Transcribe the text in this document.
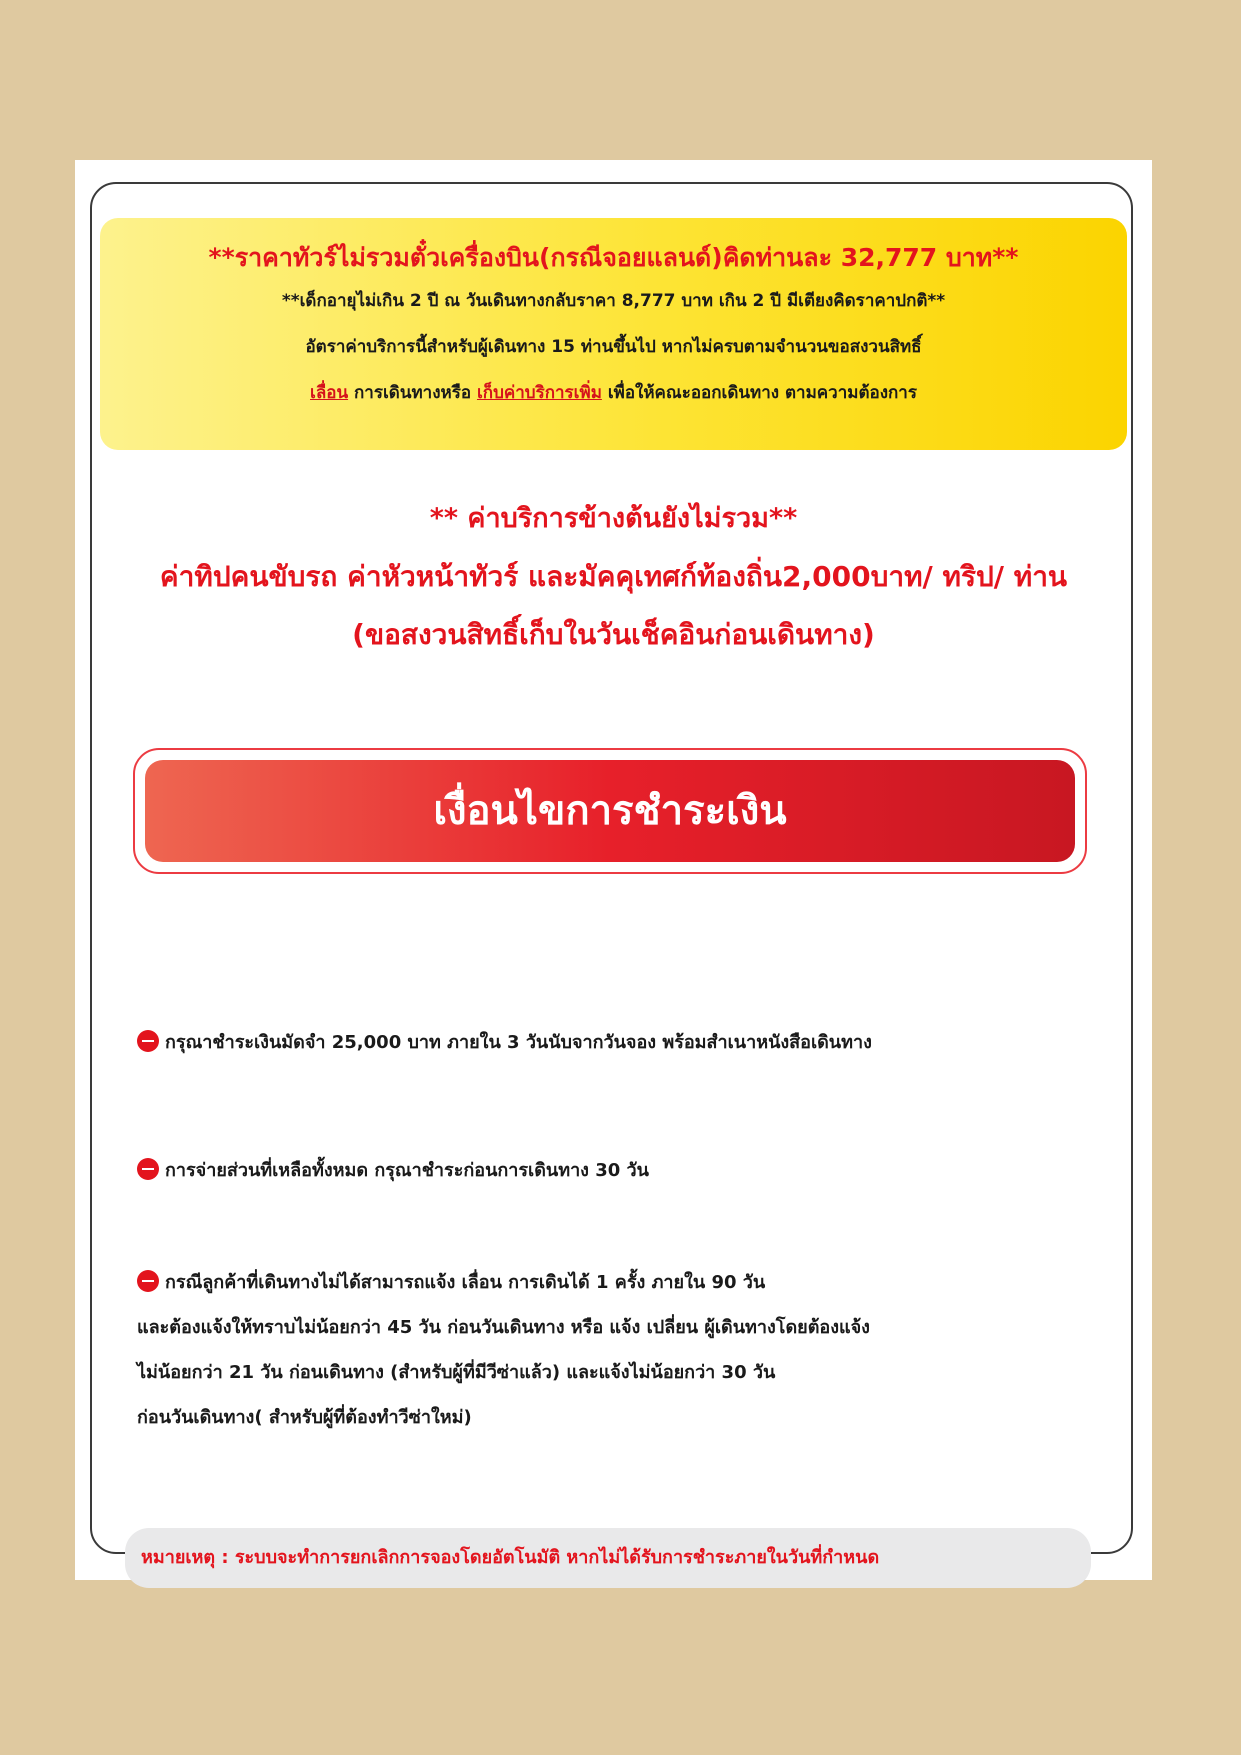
**ราคาทัวร์ไม่รวมตั๋วเครื่องบิน(กรณีจอยแลนด์)คิดท่านละ 32,777 บาท**
**เด็กอายุไม่เกิน 2 ปี ณ วันเดินทางกลับราคา 8,777 บาท เกิน 2 ปี มีเตียงคิดราคาปกติ**
อัตราค่าบริการนี้สำหรับผู้เดินทาง 15 ท่านขึ้นไป หากไม่ครบตามจำนวนขอสงวนสิทธิ์
เลื่อน การเดินทางหรือ เก็บค่าบริการเพิ่ม เพื่อให้คณะออกเดินทาง ตามความต้องการ
** ค่าบริการข้างต้นยังไม่รวม**
ค่าทิปคนขับรถ ค่าหัวหน้าทัวร์ และมัคคุเทศก์ท้องถิ่น2,000บาท/ ทริป/ ท่าน
(ขอสงวนสิทธิ์เก็บในวันเช็คอินก่อนเดินทาง)
เงื่อนไขการชำระเงิน
กรุณาชำระเงินมัดจำ 25,000 บาท ภายใน 3 วันนับจากวันจอง พร้อมสำเนาหนังสือเดินทาง
การจ่ายส่วนที่เหลือทั้งหมด กรุณาชำระก่อนการเดินทาง 30 วัน
กรณีลูกค้าที่เดินทางไม่ได้สามารถแจ้ง เลื่อน การเดินได้ 1 ครั้ง ภายใน 90 วัน
และต้องแจ้งให้ทราบไม่น้อยกว่า 45 วัน ก่อนวันเดินทาง หรือ แจ้ง เปลี่ยน ผู้เดินทางโดยต้องแจ้ง
ไม่น้อยกว่า 21 วัน ก่อนเดินทาง (สำหรับผู้ที่มีวีซ่าแล้ว) และแจ้งไม่น้อยกว่า 30 วัน
ก่อนวันเดินทาง( สำหรับผู้ที่ต้องทำวีซ่าใหม่)
หมายเหตุ : ระบบจะทำการยกเลิกการจองโดยอัตโนมัติ หากไม่ได้รับการชำระภายในวันที่กำหนด
